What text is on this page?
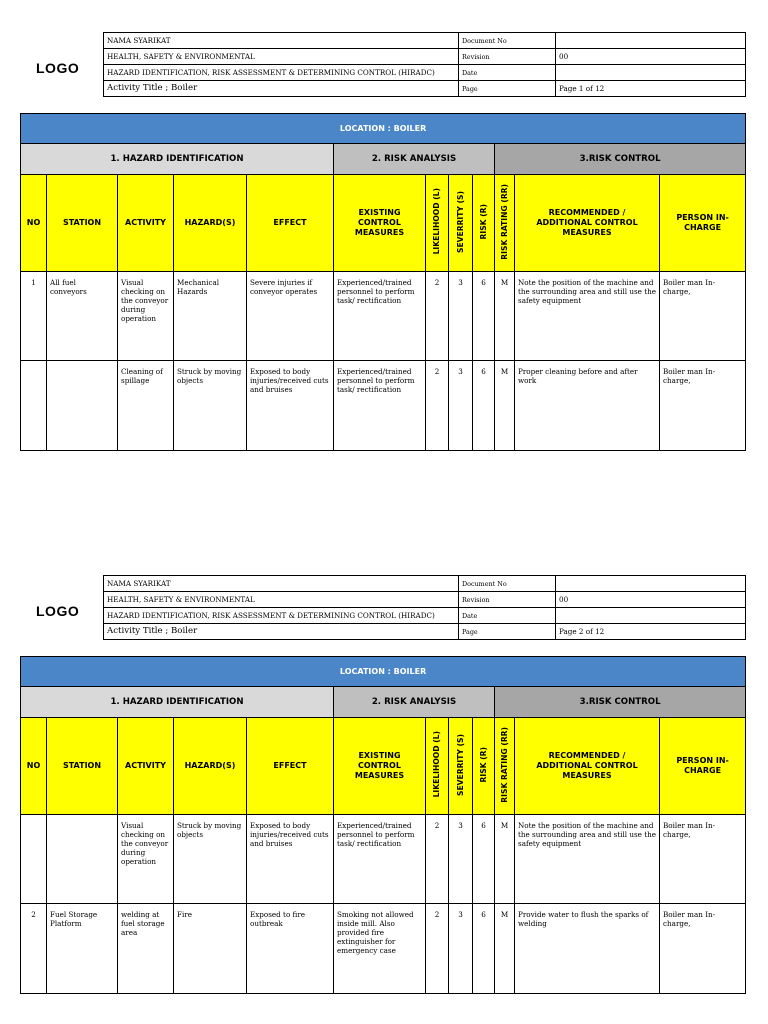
LOGO
NAMA SYARIKAT	Document No	
HEALTH, SAFETY & ENVIRONMENTAL	Revision	00
HAZARD IDENTIFICATION, RISK ASSESSMENT & DETERMINING CONTROL (HIRADC)	Date	
Activity Title ; Boiler	Page	Page 1 of 12
LOCATION : BOILER											
1. HAZARD IDENTIFICATION					2. RISK ANALYSIS				3.RISK CONTROL		
NO	STATION	ACTIVITY	HAZARD(S)	EFFECT	EXISTING CONTROL MEASURES	LIKELIHOOD (L)	SEVERRITY (S)	RISK (R)	RISK RATING (RR)	RECOMMENDED / ADDITIONAL CONTROL MEASURES	PERSON IN-CHARGE
1	All fuel conveyors	Visual checking on the conveyor during operation	Mechanical Hazards	Severe injuries if conveyor operates	Experienced/trained personnel to perform task/ rectification	2	3	6	M	Note the position of the machine and the surrounding area and still use the safety equipment	Boiler man In-charge,
		Cleaning of spillage	Struck by moving objects	Exposed to body injuries/received cuts and bruises	Experienced/trained personnel to perform task/ rectification	2	3	6	M	Proper cleaning before and after work	Boiler man In-charge,
LOGO
NAMA SYARIKAT	Document No	
HEALTH, SAFETY & ENVIRONMENTAL	Revision	00
HAZARD IDENTIFICATION, RISK ASSESSMENT & DETERMINING CONTROL (HIRADC)	Date	
Activity Title ; Boiler	Page	Page 2 of 12
LOCATION : BOILER											
1. HAZARD IDENTIFICATION					2. RISK ANALYSIS				3.RISK CONTROL		
NO	STATION	ACTIVITY	HAZARD(S)	EFFECT	EXISTING CONTROL MEASURES	LIKELIHOOD (L)	SEVERRITY (S)	RISK (R)	RISK RATING (RR)	RECOMMENDED / ADDITIONAL CONTROL MEASURES	PERSON IN-CHARGE
		Visual checking on the conveyor during operation	Struck by moving objects	Exposed to body injuries/received cuts and bruises	Experienced/trained personnel to perform task/ rectification	2	3	6	M	Note the position of the machine and the surrounding area and still use the safety equipment	Boiler man In-charge,
2	Fuel Storage Platform	welding at fuel storage area	Fire	Exposed to fire outbreak	Smoking not allowed inside mill. Also provided fire extinguisher for emergency case	2	3	6	M	Provide water to flush the sparks of welding	Boiler man In-charge,
